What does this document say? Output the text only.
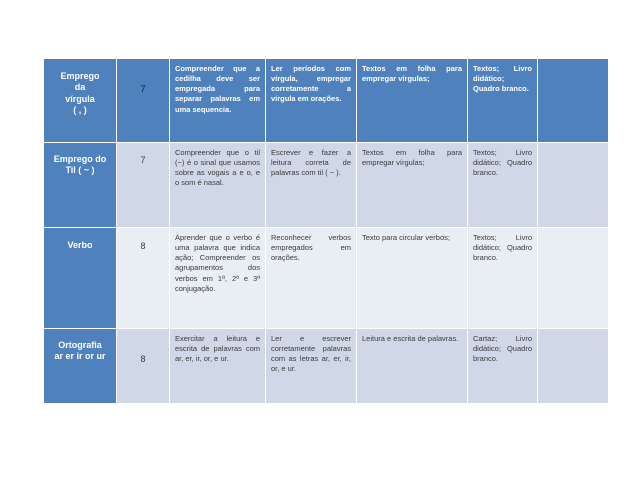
Emprego
da
vírgula
( , )	7	Compreender que a cedilha deve ser empregada para separar palavras em uma sequencia.	Ler períodos com vírgula, empregar corretamente a vírgula em orações.	Textos em folha para empregar vírgulas;	Textos; Livro didático; Quadro branco.	

Emprego do
Til ( ~ )	7	Compreender que o til (~) é o sinal que usamos sobre as vogais a e o, e o som é nasal.	Escrever e fazer a leitura correta de palavras com til ( ~ ).	Textos em folha para empregar vírgulas;	Textos; Livro didático; Quadro branco.	

Verbo	8	Aprender que o verbo é uma palavra que indica ação; Compreender os agrupamentos dos verbos em 1ª, 2ª e 3ª conjugação.	Reconhecer verbos empregados em orações.	Texto para circular verbos;	Textos; Livro didático; Quadro branco.	

Ortografia
ar er ir or ur	8	Exercitar a leitura e escrita de palavras com ar, er, ir, or, e ur.	Ler e escrever corretamente palavras com as letras ar, er, ir, or, e ur.	Leitura e escrita de palavras.	Cartaz; Livro didático; Quadro branco.	
